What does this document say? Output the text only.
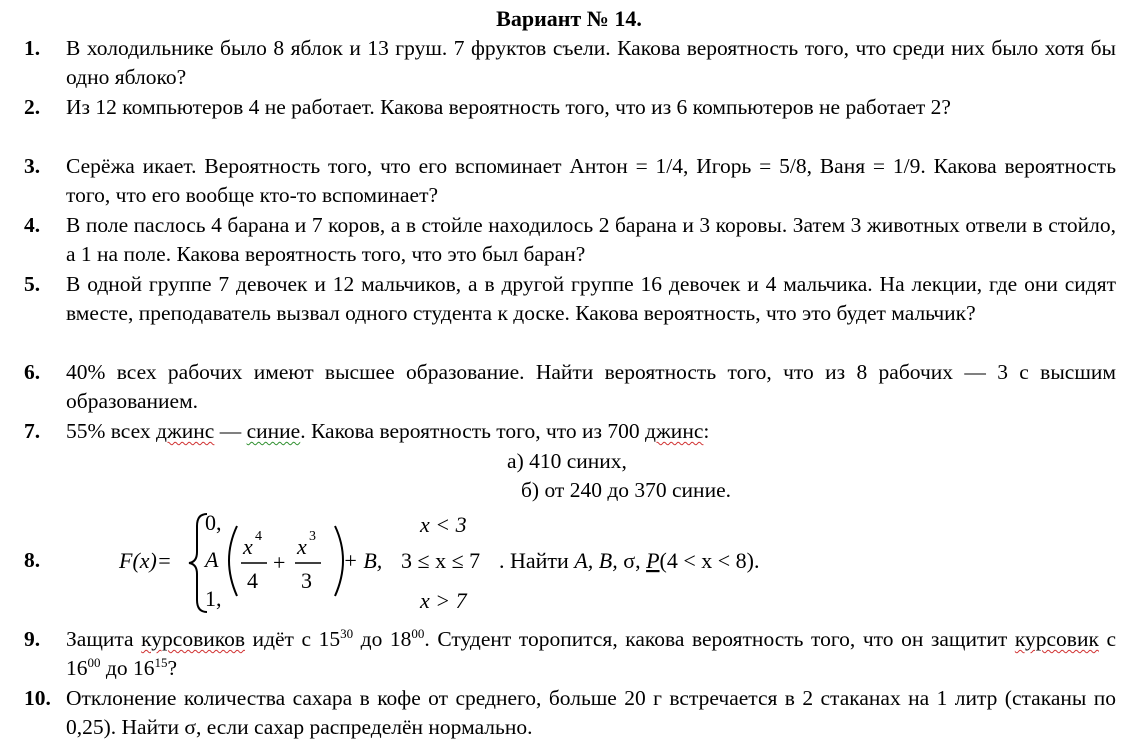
Вариант № 14.
1. В холодильнике было 8 яблок и 13 груш. 7 фруктов съели. Какова вероятность того, что среди них было хотя бы одно яблоко?
2. Из 12 компьютеров 4 не работает. Какова вероятность того, что из 6 компьютеров не работает 2?
3. Серёжа икает. Вероятность того, что его вспоминает Антон = 1/4, Игорь = 5/8, Ваня = 1/9. Какова вероятность того, что его вообще кто-то вспоминает?
4. В поле паслось 4 барана и 7 коров, а в стойле находилось 2 барана и 3 коровы. Затем 3 животных отвели в стойло, а 1 на поле. Какова вероятность того, что это был баран?
5. В одной группе 7 девочек и 12 мальчиков, а в другой группе 16 девочек и 4 мальчика. На лекции, где они сидят вместе, преподаватель вызвал одного студента к доске. Какова вероятность, что это будет мальчик?
6. 40% всех рабочих имеют высшее образование. Найти вероятность того, что из 8 рабочих — 3 с высшим образованием.
7. 55% всех джинс — синие. Какова вероятность того, что из 700 джинс:
а) 410 синих,
б) от 240 до 370 синие.
8.	F(x)=
0,	x < 3
A
x 4
4
+
x 3
3
+ B, 3 ≤ x ≤ 7 . Найти A, B, σ, P(4 < x < 8).
1,	x > 7
9. Защита курсовиков идёт с $15^{30}$ до $18^{00}$. Студент торопится, какова вероятность того, что он защитит курсовик с $16^{00}$ до $16^{15}$?
10. Отклонение количества сахара в кофе от среднего, больше 20 г встречается в 2 стаканах на 1 литр (стаканы по 0,25). Найти σ, если сахар распределён нормально.
